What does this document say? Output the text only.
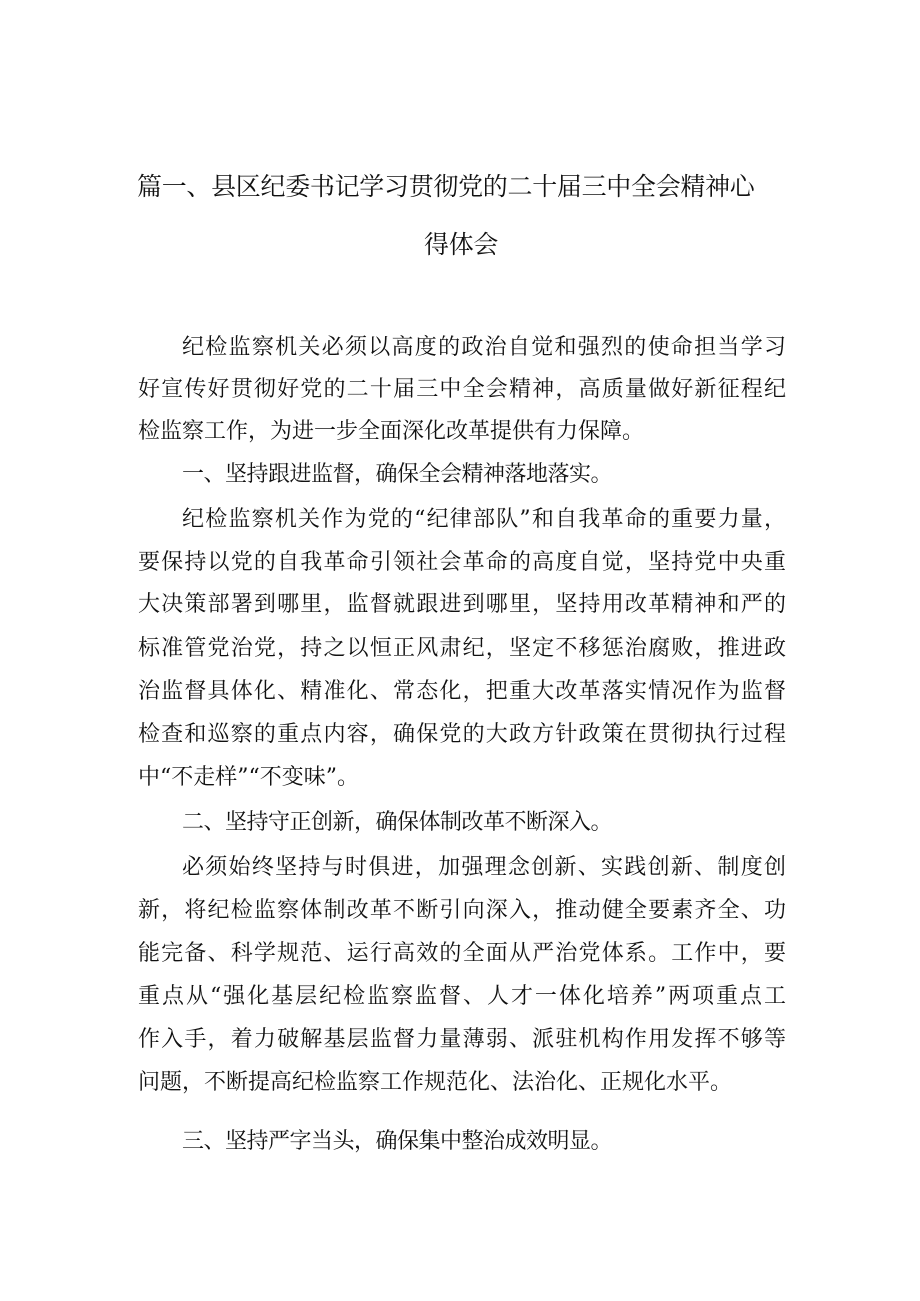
篇一、县区纪委书记学习贯彻党的二十届三中全会精神心
得体会
纪检监察机关必须以高度的政治自觉和强烈的使命担当学习
好宣传好贯彻好党的二十届三中全会精神，高质量做好新征程纪
检监察工作，为进一步全面深化改革提供有力保障。
一、坚持跟进监督，确保全会精神落地落实。
纪检监察机关作为党的“纪律部队”和自我革命的重要力量，
要保持以党的自我革命引领社会革命的高度自觉，坚持党中央重
大决策部署到哪里，监督就跟进到哪里，坚持用改革精神和严的
标准管党治党，持之以恒正风肃纪，坚定不移惩治腐败，推进政
治监督具体化、精准化、常态化，把重大改革落实情况作为监督
检查和巡察的重点内容，确保党的大政方针政策在贯彻执行过程
中“不走样”“不变味”。
二、坚持守正创新，确保体制改革不断深入。
必须始终坚持与时俱进，加强理念创新、实践创新、制度创
新，将纪检监察体制改革不断引向深入，推动健全要素齐全、功
能完备、科学规范、运行高效的全面从严治党体系。工作中，要
重点从“强化基层纪检监察监督、人才一体化培养”两项重点工
作入手，着力破解基层监督力量薄弱、派驻机构作用发挥不够等
问题，不断提高纪检监察工作规范化、法治化、正规化水平。
三、坚持严字当头，确保集中整治成效明显。
